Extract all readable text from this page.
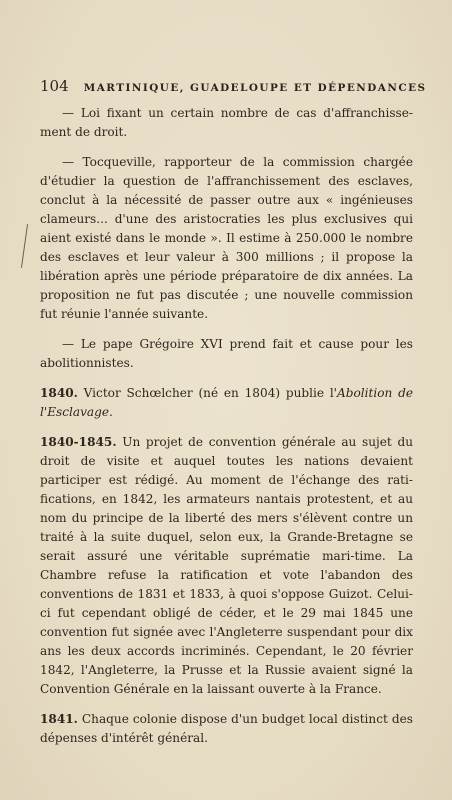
104 MARTINIQUE, GUADELOUPE ET DÉPENDANCES

— Loi fixant un certain nombre de cas d'affranchisse-ment de droit.

— Tocqueville, rapporteur de la commission chargée d'étudier la question de l'affranchissement des esclaves, conclut à la nécessité de passer outre aux « ingénieuses clameurs... d'une des aristocraties les plus exclusives qui aient existé dans le monde ». Il estime à 250.000 le nombre des esclaves et leur valeur à 300 millions ; il propose la libération après une période préparatoire de dix années. La proposition ne fut pas discutée ; une nouvelle commission fut réunie l'année suivante.

— Le pape Grégoire XVI prend fait et cause pour les abolitionnistes.

1840. Victor Schœlcher (né en 1804) publie l'Abolition de l'Esclavage.

1840-1845. Un projet de convention générale au sujet du droit de visite et auquel toutes les nations devaient participer est rédigé. Au moment de l'échange des rati-fications, en 1842, les armateurs nantais protestent, et au nom du principe de la liberté des mers s'élèvent contre un traité à la suite duquel, selon eux, la Grande-Bretagne se serait assuré une véritable suprématie mari-time. La Chambre refuse la ratification et vote l'abandon des conventions de 1831 et 1833, à quoi s'oppose Guizot. Celui-ci fut cependant obligé de céder, et le 29 mai 1845 une convention fut signée avec l'Angleterre suspendant pour dix ans les deux accords incriminés. Cependant, le 20 février 1842, l'Angleterre, la Prusse et la Russie avaient signé la Convention Générale en la laissant ouverte à la France.

1841. Chaque colonie dispose d'un budget local distinct des dépenses d'intérêt général.
